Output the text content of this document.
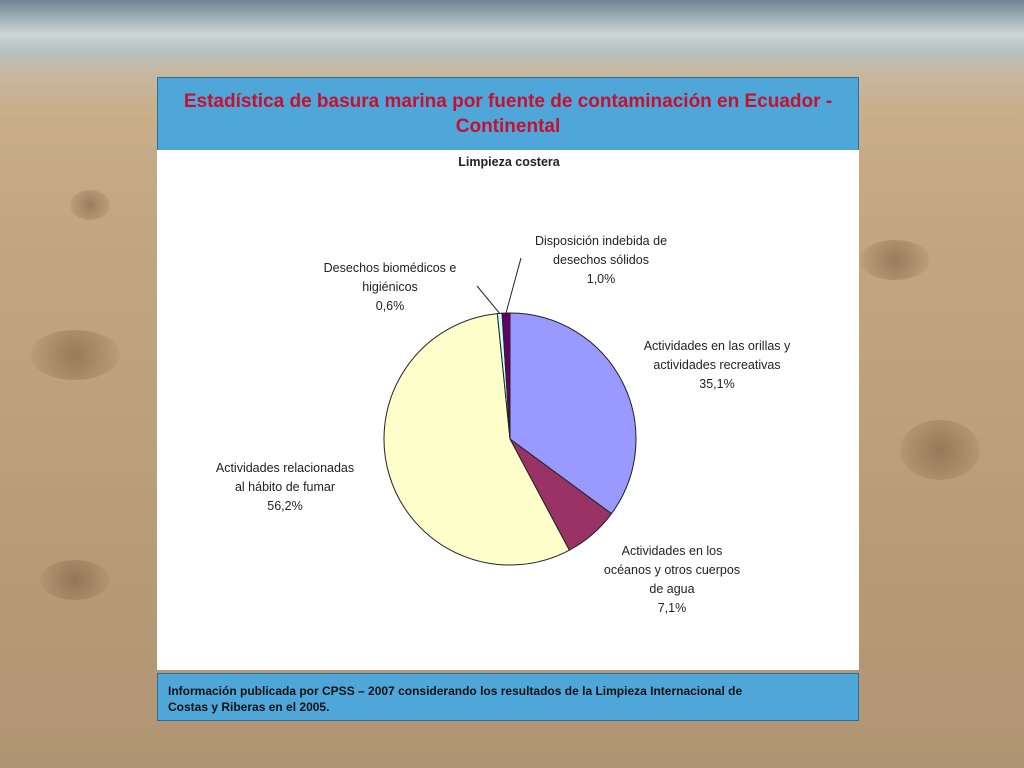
Estadística de basura marina por fuente de contaminación en Ecuador - Continental
Limpieza costera
Actividades en las orillas y actividades recreativas 35,1%
Actividades en los océanos y otros cuerpos de agua 7,1%
Actividades relacionadas al hábito de fumar 56,2%
Desechos biomédicos e higiénicos 0,6%
Disposición indebida de desechos sólidos 1,0%
Información publicada por CPSS – 2007 considerando los resultados de la Limpieza Internacional de Costas y Riberas en el 2005.
